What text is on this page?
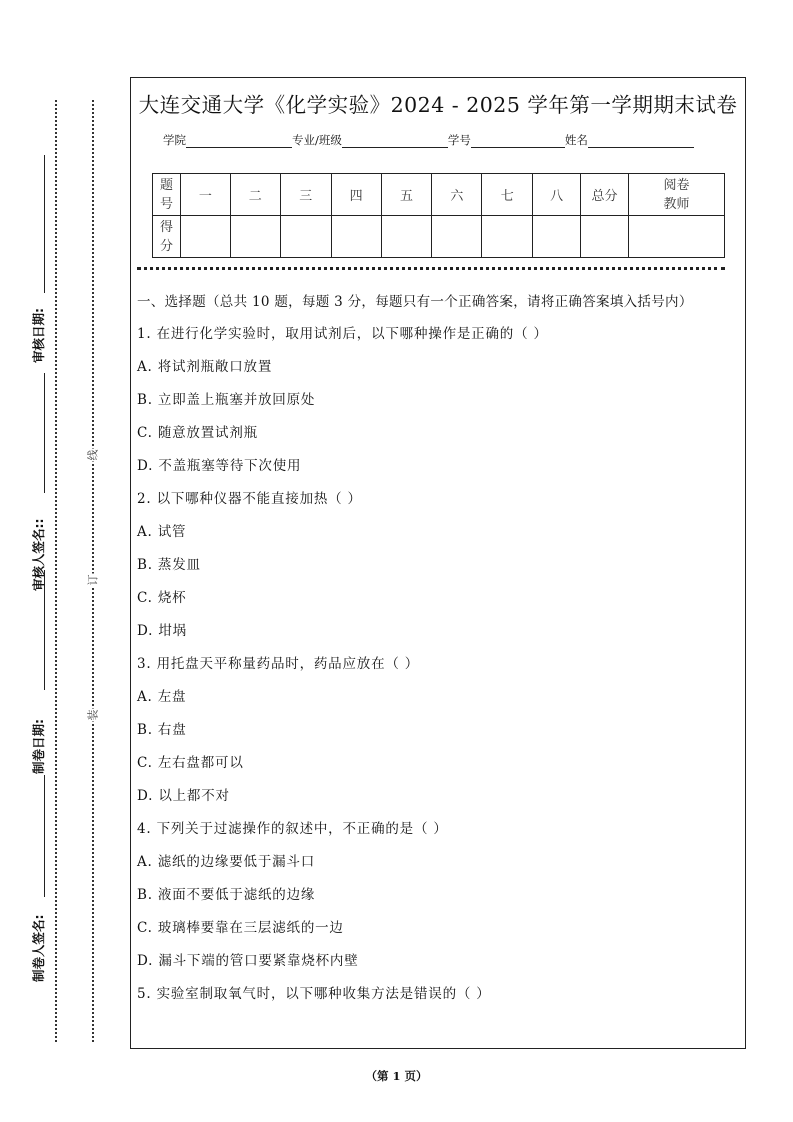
审核日期:
审核人签名::
制卷日期:
制卷人签名:
线
订
装
大连交通大学《化学实验》2024 - 2025 学年第一学期期末试卷
学院	专业/班级	学号	姓名
题号	一	二	三	四	五	六	七	八	总分	阅卷教师
得分										
一、选择题（总共 10 题，每题 3 分，每题只有一个正确答案，请将正确答案填入括号内）
1. 在进行化学实验时，取用试剂后，以下哪种操作是正确的（ ）
A. 将试剂瓶敞口放置
B. 立即盖上瓶塞并放回原处
C. 随意放置试剂瓶
D. 不盖瓶塞等待下次使用
2. 以下哪种仪器不能直接加热（ ）
A. 试管
B. 蒸发皿
C. 烧杯
D. 坩埚
3. 用托盘天平称量药品时，药品应放在（ ）
A. 左盘
B. 右盘
C. 左右盘都可以
D. 以上都不对
4. 下列关于过滤操作的叙述中，不正确的是（ ）
A. 滤纸的边缘要低于漏斗口
B. 液面不要低于滤纸的边缘
C. 玻璃棒要靠在三层滤纸的一边
D. 漏斗下端的管口要紧靠烧杯内壁
5. 实验室制取氧气时，以下哪种收集方法是错误的（ ）
（第 1 页）
